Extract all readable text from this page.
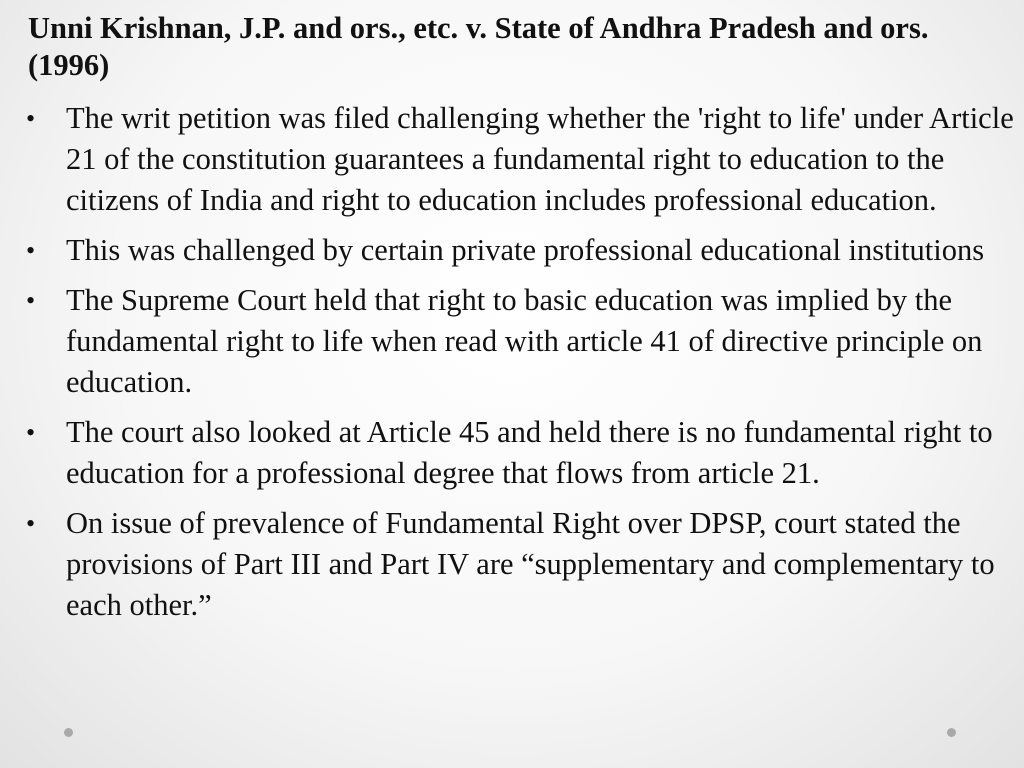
Unni Krishnan, J.P. and ors., etc. v. State of Andhra Pradesh and ors. (1996)
• The writ petition was filed challenging whether the 'right to life' under Article 21 of the constitution guarantees a fundamental right to education to the citizens of India and right to education includes professional education.
• This was challenged by certain private professional educational institutions
• The Supreme Court held that right to basic education was implied by the fundamental right to life when read with article 41 of directive principle on education.
• The court also looked at Article 45 and held there is no fundamental right to education for a professional degree that flows from article 21.
• On issue of prevalence of Fundamental Right over DPSP, court stated the provisions of Part III and Part IV are “supplementary and complementary to each other.”
